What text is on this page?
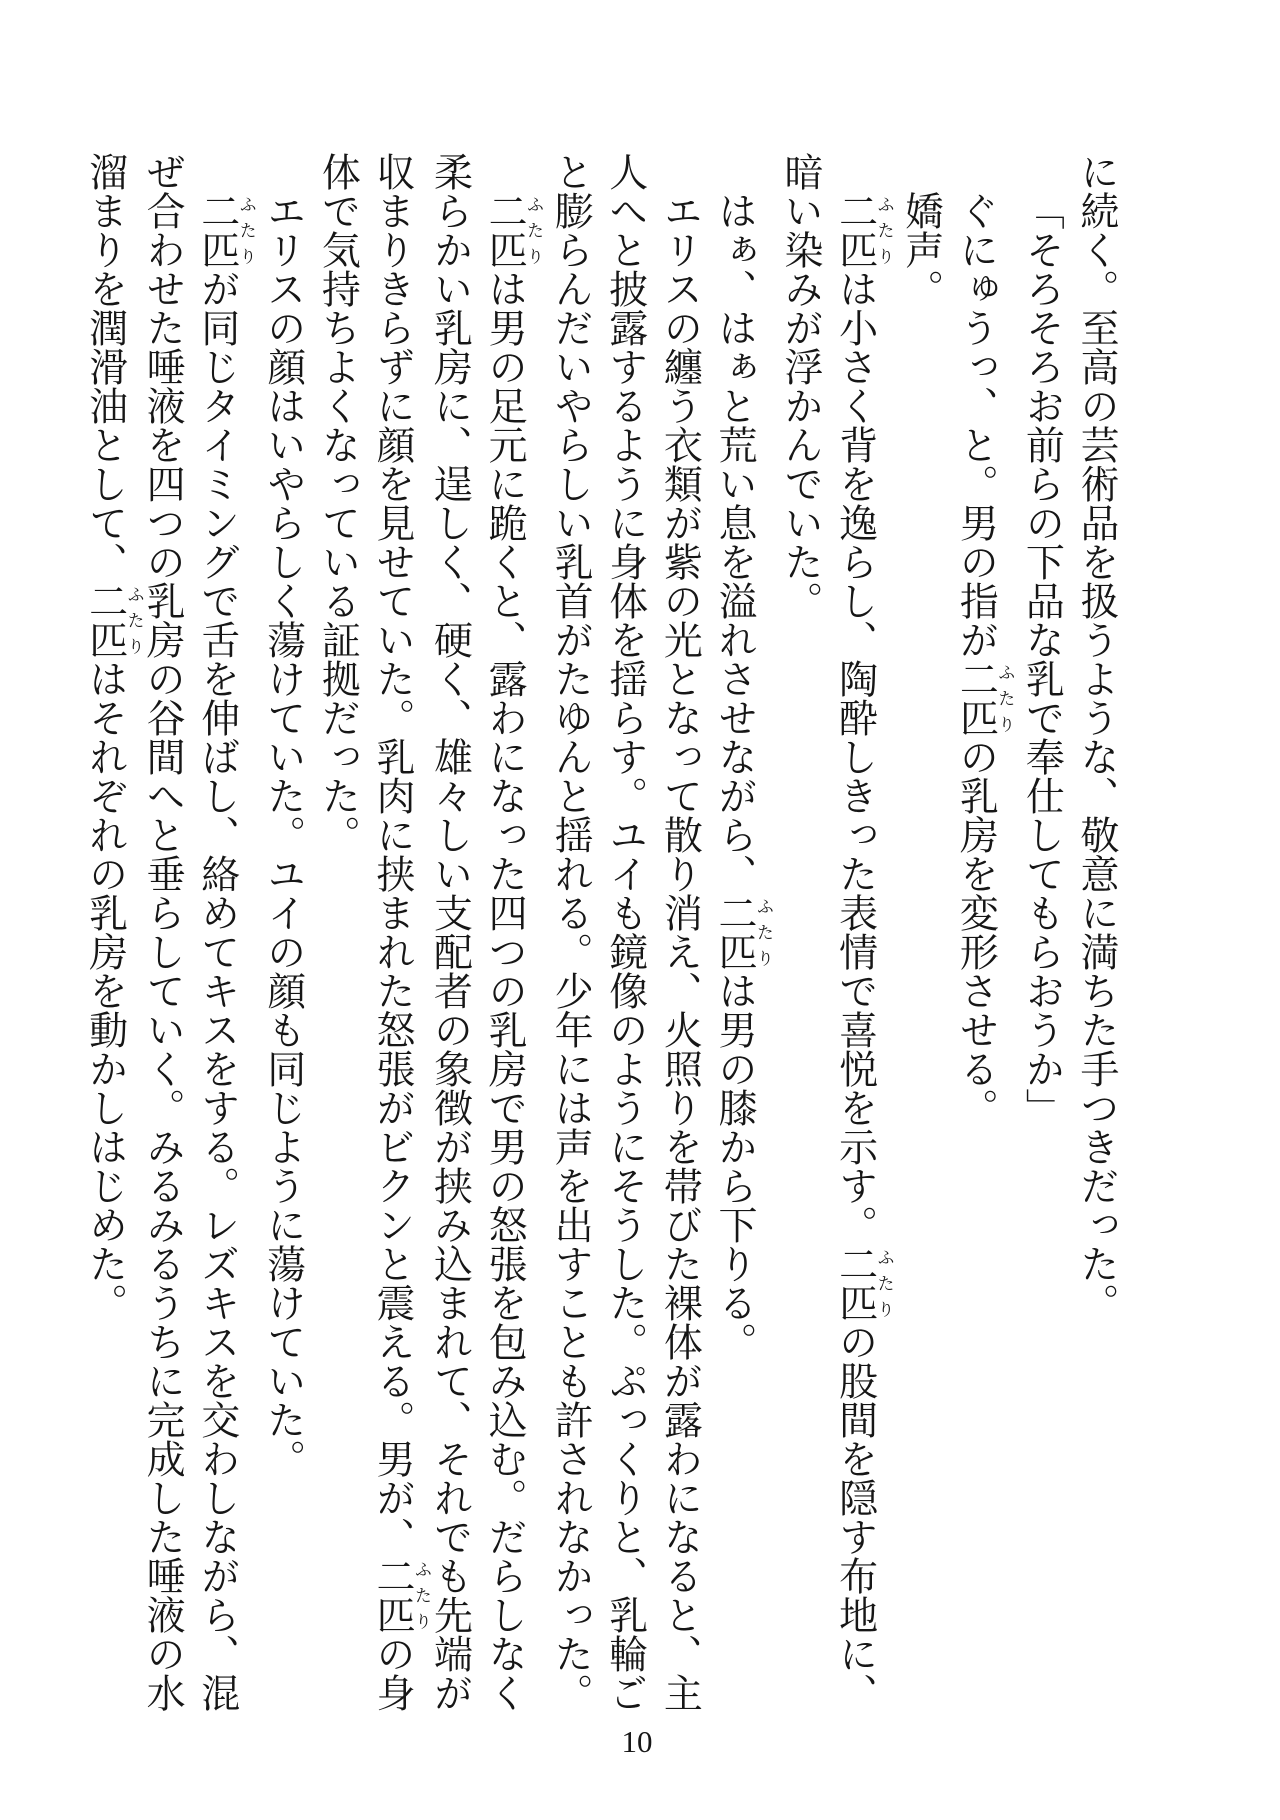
に続く。至高の芸術品を扱うような、敬意に満ちた手つきだった。

「そろそろお前らの下品な乳で奉仕してもらおうか」

ぐにゅうっ、と。男の指が二匹ふたりの乳房を変形させる。

嬌声。

二匹ふたりは小さく背を逸らし、陶酔しきった表情で喜悦を示す。二匹ふたりの股間を隠す布地に、暗い染みが浮かんでいた。

はぁ、はぁと荒い息を溢れさせながら、二匹ふたりは男の膝から下りる。

エリスの纏う衣類が紫の光となって散り消え、火照りを帯びた裸体が露わになると、主人へと披露するように身体を揺らす。ユイも鏡像のようにそうした。ぷっくりと、乳輪ごと膨らんだいやらしい乳首がたゆんと揺れる。少年には声を出すことも許されなかった。

二匹ふたりは男の足元に跪くと、露わになった四つの乳房で男の怒張を包み込む。だらしなく柔らかい乳房に、逞しく、硬く、雄々しい支配者の象徴が挟み込まれて、それでも先端が収まりきらずに顔を見せていた。乳肉に挟まれた怒張がビクンと震える。男が、二匹ふたりの身体で気持ちよくなっている証拠だった。

エリスの顔はいやらしく蕩けていた。ユイの顔も同じように蕩けていた。

二匹ふたりが同じタイミングで舌を伸ばし、絡めてキスをする。レズキスを交わしながら、混ぜ合わせた唾液を四つの乳房の谷間へと垂らしていく。みるみるうちに完成した唾液の水溜まりを潤滑油として、二匹ふたりはそれぞれの乳房を動かしはじめた。

10
